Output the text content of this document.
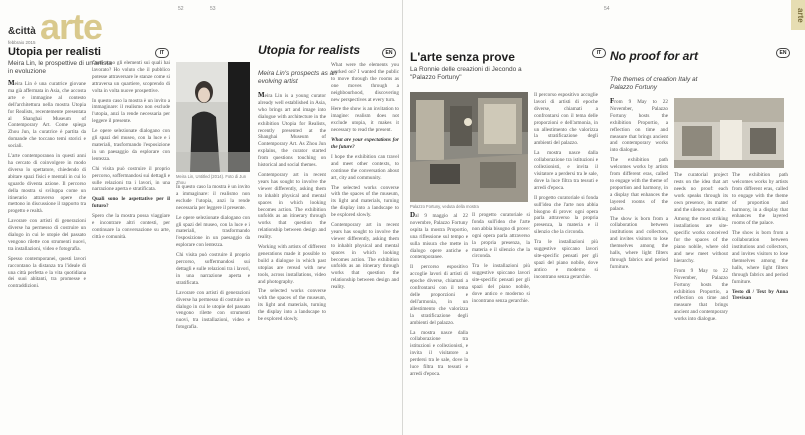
&città arte
febbraio 2015
52	53
IT
Utopia per realisti
Meira Lin, le prospettive di un'artista in evoluzione

Meira Lin è una curatrice giovane ma già affermata in Asia, che accosta arte e immagine al contesto dell'architettura nella mostra Utopia for Realists, recentemente presentata al Shanghai Museum of Contemporary Art. Come spiega Zhou Jun, la curatrice è partita da domande che toccano temi storici e sociali.

L'arte contemporanea in questi anni ha cercato di coinvolgere in modo diverso lo spettatore, chiedendo di abitare spazi fisici e mentali in cui lo sguardo diventa azione. Il percorso della mostra si sviluppa come un itinerario attraverso opere che mettono in discussione il rapporto tra progetto e realtà.

Lavorare con artisti di generazioni diverse ha permesso di costruire un dialogo in cui le utopie del passato vengono rilette con strumenti nuovi, tra installazioni, video e fotografia.

Spesso contemporanei, questi lavori raccontano la distanza tra l'ideale di una città perfetta e la vita quotidiana dei suoi abitanti, tra promesse e contraddizioni.

Quali sono gli elementi sui quali hai lavorato? Ho voluto che il pubblico potesse attraversare le stanze come si attraversa un quartiere, scoprendo di volta in volta nuove prospettive.

In questo caso la mostra è un invito a immaginare: il realismo non esclude l'utopia, anzi la rende necessaria per leggere il presente.

Le opere selezionate dialogano con gli spazi del museo, con la luce e i materiali, trasformando l'esposizione in un paesaggio da esplorare con lentezza.

Chi visita può costruire il proprio percorso, soffermandosi sui dettagli e sulle relazioni tra i lavori, in una narrazione aperta e stratificata.

Quali sono le aspettative per il futuro?

Spero che la mostra possa viaggiare e incontrare altri contesti, per continuare la conversazione su arte, città e comunità.

Meira Lin, Untitled (2014). Foto di Jun Zhou

In questo caso la mostra è un invito a immaginare: il realismo non esclude l'utopia, anzi la rende necessaria per leggere il presente.

Le opere selezionate dialogano con gli spazi del museo, con la luce e i materiali, trasformando l'esposizione in un paesaggio da esplorare con lentezza.

Chi visita può costruire il proprio percorso, soffermandosi sui dettagli e sulle relazioni tra i lavori, in una narrazione aperta e stratificata.

Lavorare con artisti di generazioni diverse ha permesso di costruire un dialogo in cui le utopie del passato vengono rilette con strumenti nuovi, tra installazioni, video e fotografia.

EN
Utopia for realists
Meira Lin's prospects as an evolving artist

Meira Lin is a young curator already well established in Asia, who brings art and image into dialogue with architecture in the exhibition Utopia for Realists, recently presented at the Shanghai Museum of Contemporary Art. As Zhou Jun explains, the curator started from questions touching on historical and social themes.

Contemporary art in recent years has sought to involve the viewer differently, asking them to inhabit physical and mental spaces in which looking becomes action. The exhibition unfolds as an itinerary through works that question the relationship between design and reality.

Working with artists of different generations made it possible to build a dialogue in which past utopias are reread with new tools, across installations, video and photography.

The selected works converse with the spaces of the museum, its light and materials, turning the display into a landscape to be explored slowly.

What were the elements you worked on? I wanted the public to move through the rooms as one moves through a neighbourhood, discovering new perspectives at every turn.

Here the show is an invitation to imagine: realism does not exclude utopia, it makes it necessary to read the present.

What are your expectations for the future?

I hope the exhibition can travel and meet other contexts, to continue the conversation about art, city and community.

The selected works converse with the spaces of the museum, its light and materials, turning the display into a landscape to be explored slowly.

Contemporary art in recent years has sought to involve the viewer differently, asking them to inhabit physical and mental spaces in which looking becomes action. The exhibition unfolds as an itinerary through works that question the relationship between design and reality.

54	arte
L'arte senza prove
La Ronnie delle creazioni di Jecondo a "Palazzo Fortuny"
IT
Palazzo Fortuny, veduta della mostra

Dal 9 maggio al 22 novembre, Palazzo Fortuny ospita la mostra Proportio, una riflessione sul tempo e sulla misura che mette in dialogo opere antiche e contemporanee.

Il percorso espositivo accoglie lavori di artisti di epoche diverse, chiamati a confrontarsi con il tema delle proporzioni e dell'armonia, in un allestimento che valorizza la stratificazione degli ambienti del palazzo.

La mostra nasce dalla collaborazione tra istituzioni e collezionisti, e invita il visitatore a perdersi tra le sale, dove la luce filtra tra tessuti e arredi d'epoca.

Il progetto curatoriale si fonda sull'idea che l'arte non abbia bisogno di prove: ogni opera parla attraverso la propria presenza, la materia e il silenzio che la circonda.

Tra le installazioni più suggestive spiccano lavori site-specific pensati per gli spazi del piano nobile, dove antico e moderno si incontrano senza gerarchie.

Il percorso espositivo accoglie lavori di artisti di epoche diverse, chiamati a confrontarsi con il tema delle proporzioni e dell'armonia, in un allestimento che valorizza la stratificazione degli ambienti del palazzo.

La mostra nasce dalla collaborazione tra istituzioni e collezionisti, e invita il visitatore a perdersi tra le sale, dove la luce filtra tra tessuti e arredi d'epoca.

Il progetto curatoriale si fonda sull'idea che l'arte non abbia bisogno di prove: ogni opera parla attraverso la propria presenza, la materia e il silenzio che la circonda.

Tra le installazioni più suggestive spiccano lavori site-specific pensati per gli spazi del piano nobile, dove antico e moderno si incontrano senza gerarchie.

EN
No proof for art
The themes of creation Italy at Palazzo Fortuny

From 9 May to 22 November, Palazzo Fortuny hosts the exhibition Proportio, a reflection on time and measure that brings ancient and contemporary works into dialogue.

The exhibition path welcomes works by artists from different eras, called to engage with the theme of proportion and harmony, in a display that enhances the layered rooms of the palace.

The show is born from a collaboration between institutions and collectors, and invites visitors to lose themselves among the halls, where light filters through fabrics and period furniture.

The curatorial project rests on the idea that art needs no proof: each work speaks through its own presence, its matter and the silence around it.

Among the most striking installations are site-specific works conceived for the spaces of the piano nobile, where old and new meet without hierarchy.

From 9 May to 22 November, Palazzo Fortuny hosts the exhibition Proportio, a reflection on time and measure that brings ancient and contemporary works into dialogue.

The exhibition path welcomes works by artists from different eras, called to engage with the theme of proportion and harmony, in a display that enhances the layered rooms of the palace.

The show is born from a collaboration between institutions and collectors, and invites visitors to lose themselves among the halls, where light filters through fabrics and period furniture.

Testo di / Text by Anna Trevisan
